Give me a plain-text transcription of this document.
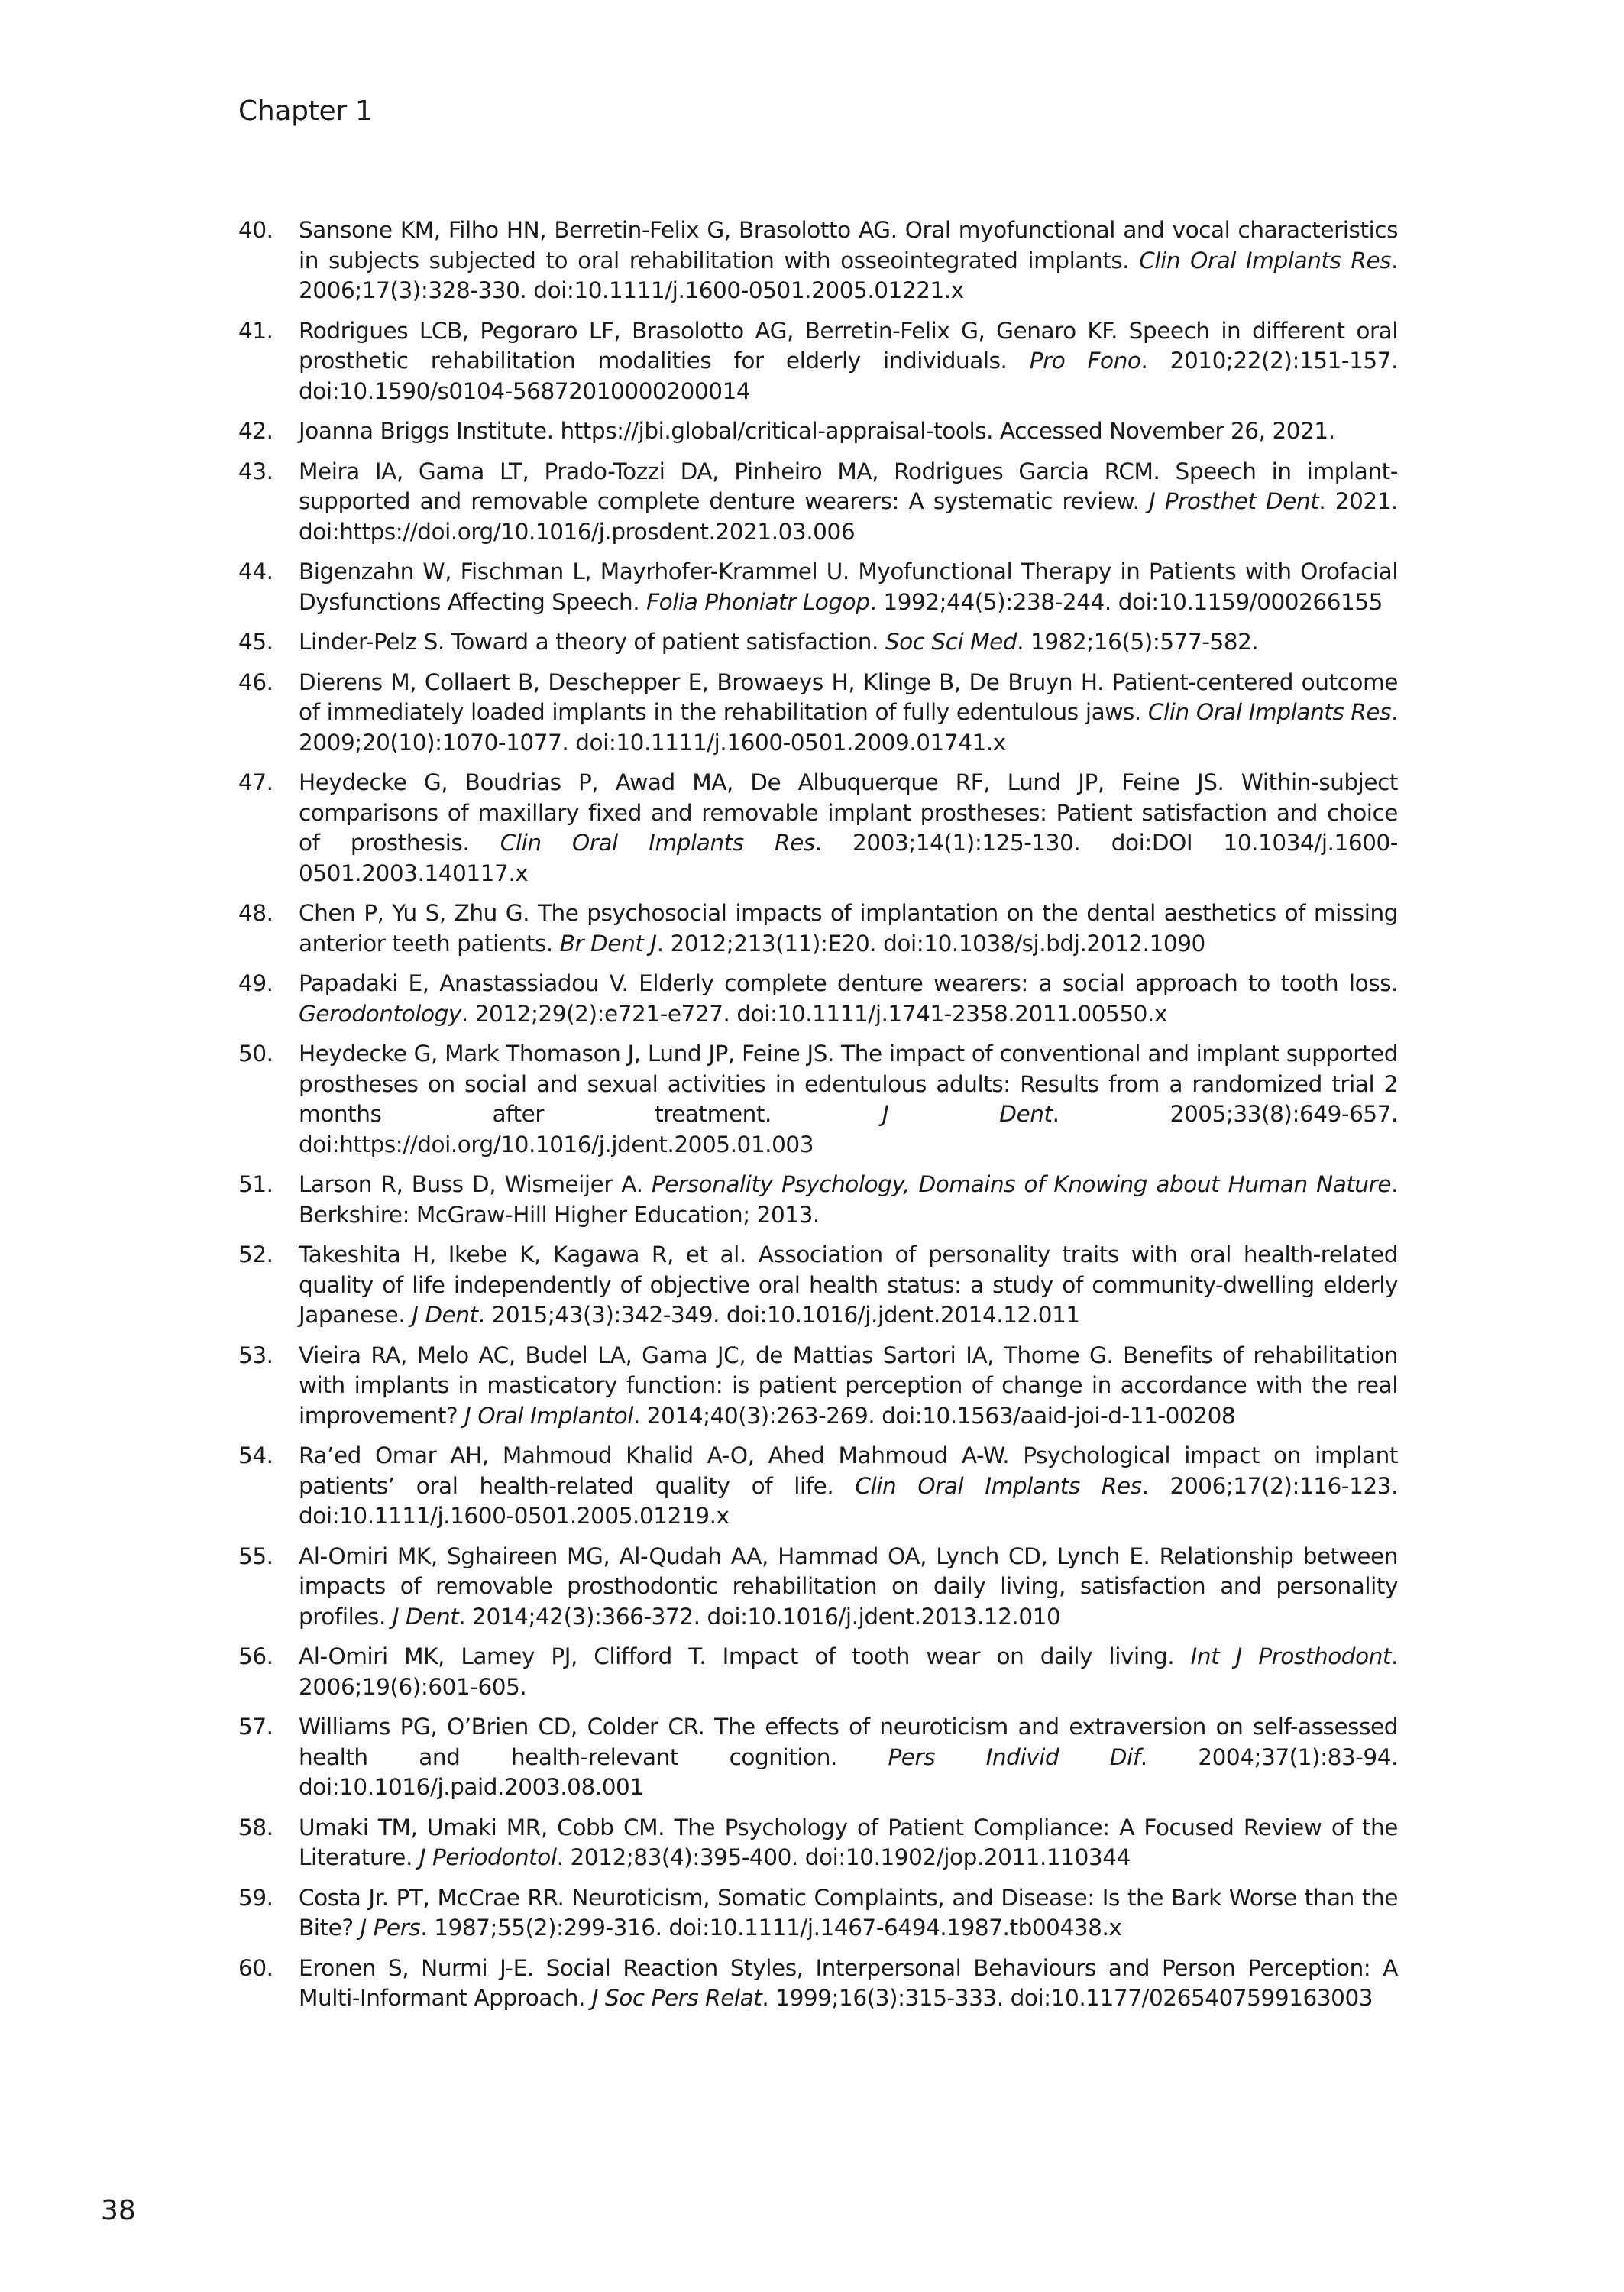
Chapter 1
40.	Sansone KM, Filho HN, Berretin-Felix G, Brasolotto AG. Oral myofunctional and vocal characteristics in subjects subjected to oral rehabilitation with osseointegrated implants. Clin Oral Implants Res. 2006;17(3):328-330. doi:10.1111/j.1600-0501.2005.01221.x
41.	Rodrigues LCB, Pegoraro LF, Brasolotto AG, Berretin-Felix G, Genaro KF. Speech in different oral prosthetic rehabilitation modalities for elderly individuals. Pro Fono. 2010;22(2):151-157. doi:10.1590/s0104-56872010000200014
42.	Joanna Briggs Institute. https://jbi.global/critical-appraisal-tools. Accessed November 26, 2021.
43.	Meira IA, Gama LT, Prado-Tozzi DA, Pinheiro MA, Rodrigues Garcia RCM. Speech in implant-supported and removable complete denture wearers: A systematic review. J Prosthet Dent. 2021. doi:https://doi.org/10.1016/j.prosdent.2021.03.006
44.	Bigenzahn W, Fischman L, Mayrhofer-Krammel U. Myofunctional Therapy in Patients with Orofacial Dysfunctions Affecting Speech. Folia Phoniatr Logop. 1992;44(5):238-244. doi:10.1159/000266155
45.	Linder-Pelz S. Toward a theory of patient satisfaction. Soc Sci Med. 1982;16(5):577-582.
46.	Dierens M, Collaert B, Deschepper E, Browaeys H, Klinge B, De Bruyn H. Patient-centered outcome of immediately loaded implants in the rehabilitation of fully edentulous jaws. Clin Oral Implants Res. 2009;20(10):1070-1077. doi:10.1111/j.1600-0501.2009.01741.x
47.	Heydecke G, Boudrias P, Awad MA, De Albuquerque RF, Lund JP, Feine JS. Within-subject comparisons of maxillary fixed and removable implant prostheses: Patient satisfaction and choice of prosthesis. Clin Oral Implants Res. 2003;14(1):125-130. doi:DOI 10.1034/j.1600-0501.2003.140117.x
48.	Chen P, Yu S, Zhu G. The psychosocial impacts of implantation on the dental aesthetics of missing anterior teeth patients. Br Dent J. 2012;213(11):E20. doi:10.1038/sj.bdj.2012.1090
49.	Papadaki E, Anastassiadou V. Elderly complete denture wearers: a social approach to tooth loss. Gerodontology. 2012;29(2):e721-e727. doi:10.1111/j.1741-2358.2011.00550.x
50.	Heydecke G, Mark Thomason J, Lund JP, Feine JS. The impact of conventional and implant supported prostheses on social and sexual activities in edentulous adults: Results from a randomized trial 2 months after treatment. J Dent. 2005;33(8):649-657. doi:https://doi.org/10.1016/j.jdent.2005.01.003
51.	Larson R, Buss D, Wismeijer A. Personality Psychology, Domains of Knowing about Human Nature. Berkshire: McGraw-Hill Higher Education; 2013.
52.	Takeshita H, Ikebe K, Kagawa R, et al. Association of personality traits with oral health-related quality of life independently of objective oral health status: a study of community-dwelling elderly Japanese. J Dent. 2015;43(3):342-349. doi:10.1016/j.jdent.2014.12.011
53.	Vieira RA, Melo AC, Budel LA, Gama JC, de Mattias Sartori IA, Thome G. Benefits of rehabilitation with implants in masticatory function: is patient perception of change in accordance with the real improvement? J Oral Implantol. 2014;40(3):263-269. doi:10.1563/aaid-joi-d-11-00208
54.	Ra’ed Omar AH, Mahmoud Khalid A-O, Ahed Mahmoud A-W. Psychological impact on implant patients’ oral health-related quality of life. Clin Oral Implants Res. 2006;17(2):116-123. doi:10.1111/j.1600-0501.2005.01219.x
55.	Al-Omiri MK, Sghaireen MG, Al-Qudah AA, Hammad OA, Lynch CD, Lynch E. Relationship between impacts of removable prosthodontic rehabilitation on daily living, satisfaction and personality profiles. J Dent. 2014;42(3):366-372. doi:10.1016/j.jdent.2013.12.010
56.	Al-Omiri MK, Lamey PJ, Clifford T. Impact of tooth wear on daily living. Int J Prosthodont. 2006;19(6):601-605.
57.	Williams PG, O’Brien CD, Colder CR. The effects of neuroticism and extraversion on self-assessed health and health-relevant cognition. Pers Individ Dif. 2004;37(1):83-94. doi:10.1016/j.paid.2003.08.001
58.	Umaki TM, Umaki MR, Cobb CM. The Psychology of Patient Compliance: A Focused Review of the Literature. J Periodontol. 2012;83(4):395-400. doi:10.1902/jop.2011.110344
59.	Costa Jr. PT, McCrae RR. Neuroticism, Somatic Complaints, and Disease: Is the Bark Worse than the Bite? J Pers. 1987;55(2):299-316. doi:10.1111/j.1467-6494.1987.tb00438.x
60.	Eronen S, Nurmi J-E. Social Reaction Styles, Interpersonal Behaviours and Person Perception: A Multi-Informant Approach. J Soc Pers Relat. 1999;16(3):315-333. doi:10.1177/0265407599163003
38
